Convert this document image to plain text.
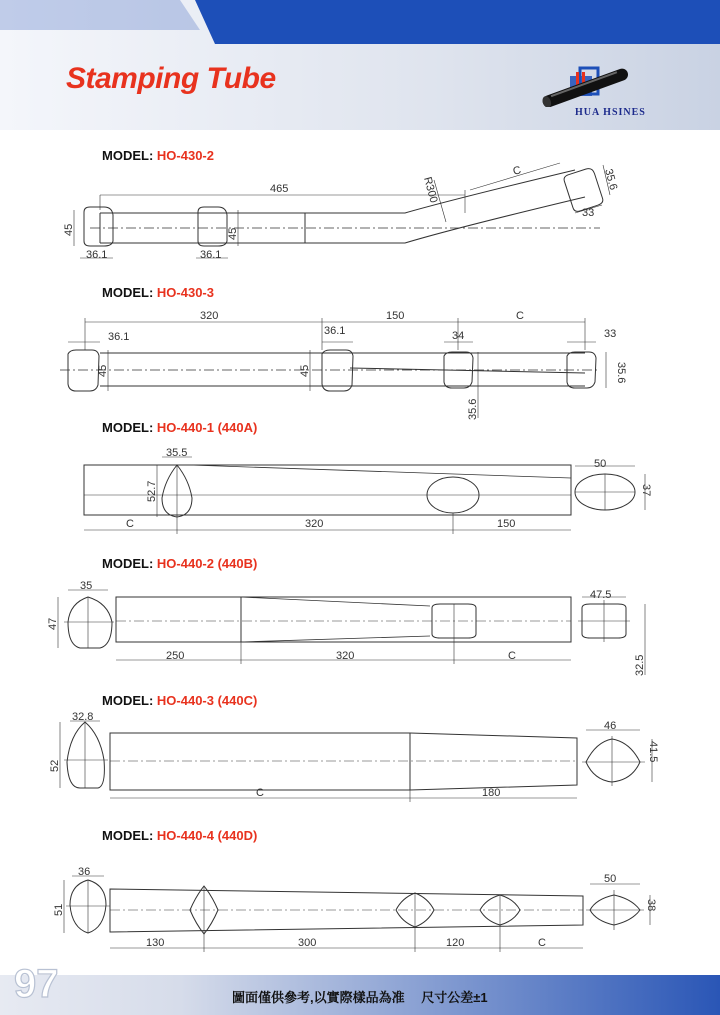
Stamping Tube
HUA HSINES
MODEL: HO-430-2
MODEL: HO-430-3
MODEL: HO-440-1 (440A)
MODEL: HO-440-2 (440B)
MODEL: HO-440-3 (440C)
MODEL: HO-440-4 (440D)
465
C
R300
45
36.1	36.1
45
35.6
33
320	150	C
36.1	36.1	34	33
45	45
35.6
35.6
35.5
52.7
C	320	150
50
37
35
47
250	320	C
47.5
32.5
32.8
52
C	180
46
41.5
36
51
130	300	120	C
50
38
97	圖面僅供參考,以實際樣品為准　 尺寸公差±1
